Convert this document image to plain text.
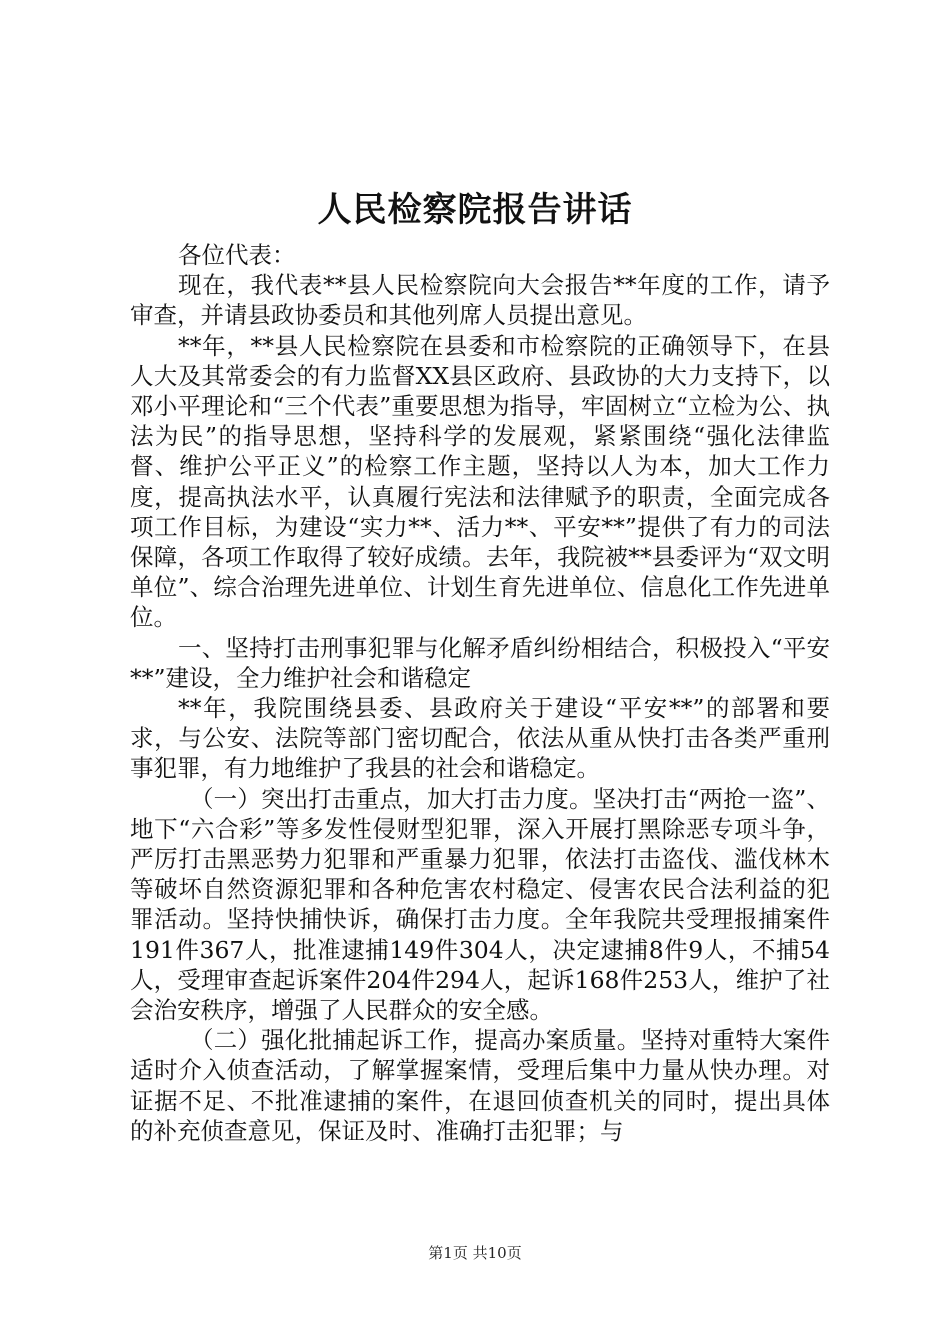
人民检察院报告讲话

各位代表：

现在，我代表**县人民检察院向大会报告**年度的工作，请予审查，并请县政协委员和其他列席人员提出意见。

**年，**县人民检察院在县委和市检察院的正确领导下，在县人大及其常委会的有力监督XX县区政府、县政协的大力支持下，以邓小平理论和“三个代表”重要思想为指导，牢固树立“立检为公、执法为民”的指导思想，坚持科学的发展观，紧紧围绕“强化法律监督、维护公平正义”的检察工作主题，坚持以人为本，加大工作力度，提高执法水平，认真履行宪法和法律赋予的职责，全面完成各项工作目标，为建设“实力**、活力**、平安**”提供了有力的司法保障，各项工作取得了较好成绩。去年，我院被**县委评为“双文明单位”、综合治理先进单位、计划生育先进单位、信息化工作先进单位。

一、坚持打击刑事犯罪与化解矛盾纠纷相结合，积极投入“平安**”建设，全力维护社会和谐稳定

**年，我院围绕县委、县政府关于建设“平安**”的部署和要求，与公安、法院等部门密切配合，依法从重从快打击各类严重刑事犯罪，有力地维护了我县的社会和谐稳定。

（一）突出打击重点，加大打击力度。坚决打击“两抢一盗”、地下“六合彩”等多发性侵财型犯罪，深入开展打黑除恶专项斗争，严厉打击黑恶势力犯罪和严重暴力犯罪，依法打击盗伐、滥伐林木等破坏自然资源犯罪和各种危害农村稳定、侵害农民合法利益的犯罪活动。坚持快捕快诉，确保打击力度。全年我院共受理报捕案件191件367人，批准逮捕149件304人，决定逮捕8件9人，不捕54人，受理审查起诉案件204件294人，起诉168件253人，维护了社会治安秩序，增强了人民群众的安全感。

（二）强化批捕起诉工作，提高办案质量。坚持对重特大案件适时介入侦查活动，了解掌握案情，受理后集中力量从快办理。对证据不足、不批准逮捕的案件，在退回侦查机关的同时，提出具体的补充侦查意见，保证及时、准确打击犯罪；与

第1页 共10页
